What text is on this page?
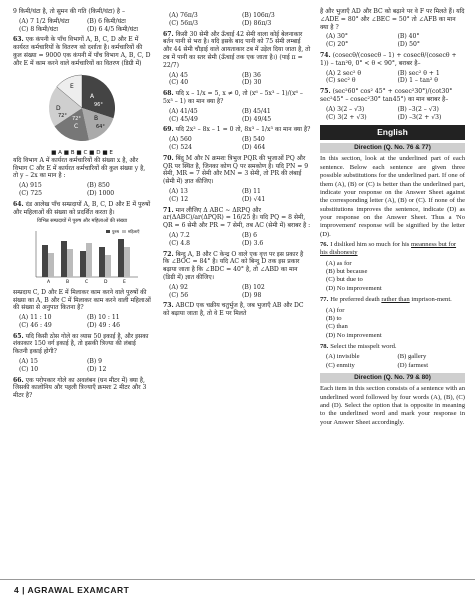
9 किमी/घंटा है, तो सुमन की गति (किमी/घंटा) है –
(A) 7 1/2 किमी/घंटा	(B) 6 किमी/घंटा
(C) 8 किमी/घंटा	(D) 6 4/5 किमी/घंटा
63. एक कंपनी के पाँच विभागों A, B, C, D और E में कार्यरत कर्मचारियों के वितरण को दर्शाता है। कर्मचारियों की कुल संख्या = 9000 एक कंपनी में पाँच विभाग A, B, C, D और E में काम करने वाले कर्मचारियों का वितरण (डिग्री में)
A
96°
B
64°
C
72°
D
72°
E
■ A ■ B ■ C ■ D ■ E
यदि विभाग A में कार्यरत कर्मचारियों की संख्या x है, और विभाग C और E में कार्यरत कर्मचारियों की कुल संख्या y है, तो y – 2x का मान है :
(A) 915	(B) 850
(C) 725	(D) 1000
64. दंड आलेख पाँच सम्प्रदायों A, B, C, D और E में पुरुषों और महिलाओं की संख्या को प्रदर्शित करता है।
विभिन्न सम्प्रदायों में पुरुष और महिलाओं की संख्या
A	B	C	D	E
पुरुष महिलाएँ
सम्प्रदाय C, D और E में मिलाकर काम करने वाले पुरुषों की संख्या का A, B और C में मिलाकर काम करने वाली महिलाओं की संख्या से अनुपात कितना है?
(A) 11 : 10	(B) 10 : 11
(C) 46 : 49	(D) 49 : 46
65. यदि किसी ठोस गोले का व्यास 50 इकाई है, और इसका शंकाकार 150 वर्ग इकाई है, तो इसकी त्रिज्या की लंबाई कितनी इकाई होगी?
(A) 15	(B) 9
(C) 10	(D) 12
66. एक परोपकार गोले का अवलंबन (घन मीटर में) क्या है, जिसकी कालोनिय और पहली त्रिज्याएँ क्रमशः 2 मीटर और 3 मीटर है?
(A) 76π/3	(B) 106π/3
(C) 56π/3	(D) 86π/3
67. किसी 30 सेमी और ऊँचाई 42 सेमी वाला कोई बेलनाकार बर्तन पानी से भरा है। यदि इसके बाद पानी को 75 सेमी लम्बाई और 44 सेमी चौड़ाई वाले आयताकार टब में उड़ेल दिया जाता है, तो टब में पानी का स्तर सेमी (ऊँचाई तक एक जाता है।) (पाई π = 22/7)
(A) 45	(B) 36
(C) 40	(D) 30
68. यदि x – 1/x = 5, x ≠ 0, तो (x⁶ – 5x³ – 1)/(x⁶ – 5x³ – 1) का मान क्या है?
(A) 41/45	(B) 45/41
(C) 45/49	(D) 49/45
69. यदि 2x² – 8x – 1 = 0 तो, 8x³ – 1/x³ का मान क्या है?
(A) 560	(B) 540
(C) 524	(D) 464
70. बिंदु M और N क्रमशः त्रिभुज PQR की भुजाओं PQ और QR पर स्थित है, जिनका कोण Q पर समकोण है। यदि PN = 9 सेमी, MR = 7 सेमी और MN = 3 सेमी, तो PR की लंबाई (सेमी में) ज्ञात कीजिए।
(A) 13	(B) 11
(C) 12	(D) √41
71. मान लीजिए Δ ABC ~ ΔRPQ और ar(ΔABC)/ar(ΔPQR) = 16/25 है। यदि PQ = 8 सेमी, QR = 6 सेमी और PR = 7 सेमी, तब AC (सेमी में) बराबर है :
(A) 7.2	(B) 6
(C) 4.8	(D) 3.6
72. बिन्दु A, B और C केन्द्र O वाले एक वृत्त पर इस प्रकार है कि ∠BOC = 84° है। यदि AC को बिन्दु D तक इस प्रकार बढ़ाया जाता है कि ∠BDC = 40° है, तो ∠ABD का मान (डिग्री में) ज्ञात कीजिए।
(A) 92	(B) 102
(C) 56	(D) 98
73. ABCD एक चक्रीय चतुर्भुज है, जब भुजाएँ AB और DC को बढ़ाया जाता है, तो वे E पर मिलते
है और भुजाएँ AD और BC को बढ़ाने पर वे F पर मिलते हैं। यदि ∠ADE = 80° और ∠BEC = 50° तो ∠AFB का मान क्या है ?
(A) 30°	(B) 40°
(C) 20°	(D) 50°
74. (cosecθ/(cosecθ – 1) + cosecθ/(cosecθ + 1)) – tan²θ, 0° < θ < 90°, बराबर है–
(A) 2 sec² θ	(B) sec² θ + 1
(C) sec² θ	(D) 1 – tan² θ
75. (sec²60° cos² 45° + cosec²30°)/(cot30° sec²45° – cosec²30° tan45°) का मान बराबर है–
(A) 3(2 – √3)	(B) –3(2 – √3)
(C) 3(2 + √3)	(D) –3(2 + √3)
English
Direction (Q. No. 76 & 77)
In this section, look at the underlined part of each sentence. Below each sentence are given three possible substitutions for the underlined part. If one of them (A), (B) or (C) is better than the underlined part, indicate your response on the Answer Sheet against the corresponding letter (A), (B) or (C). If none of the substitutions improves the sentence, indicate (D) as your response on the Answer Sheet. Thus a 'No improvement' response will be signified by the letter (D).
76. I disliked him so much for his meanness but for his dishonesty
(A) as for
(B) but because
(C) but due to
(D) No improvement
77. He preferred death rather than imprison-ment.
(A) for
(B) to
(C) than
(D) No improvement
78. Select the misspelt word.
(A) invisible	(B) gallery
(C) enmity	(D) farmest
Direction (Q. No. 79 & 80)
Each item in this section consists of a sentence with an underlined word followed by four words (A), (B), (C) and (D). Select the option that is opposite in meaning to the underlined word and mark your response in your Answer Sheet accordingly.
4 | AGRAWAL EXAMCART
